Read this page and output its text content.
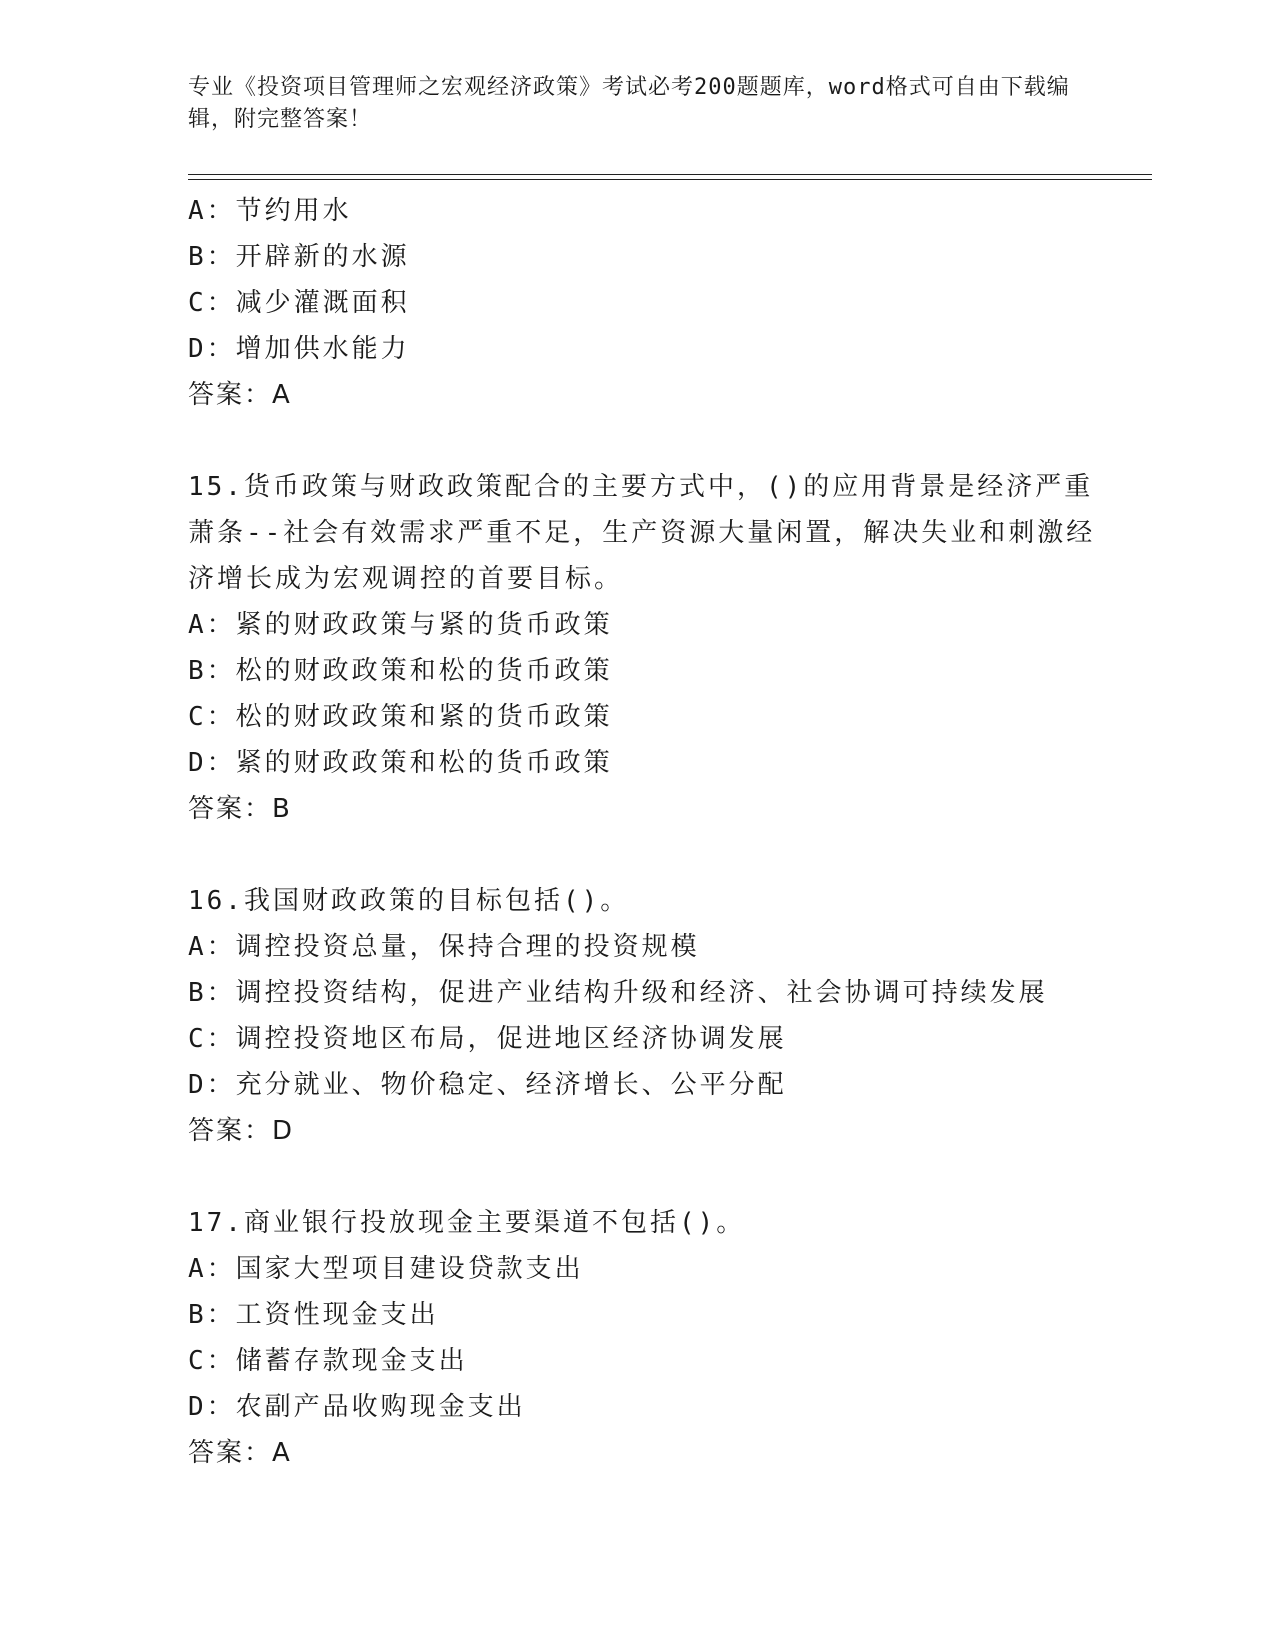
专业《投资项目管理师之宏观经济政策》考试必考200题题库，word格式可自由下载编辑，附完整答案！
A：节约用水
B：开辟新的水源
C：减少灌溉面积
D：增加供水能力
答案：A
15.货币政策与财政政策配合的主要方式中，()的应用背景是经济严重萧条--社会有效需求严重不足，生产资源大量闲置，解决失业和刺激经济增长成为宏观调控的首要目标。
A：紧的财政政策与紧的货币政策
B：松的财政政策和松的货币政策
C：松的财政政策和紧的货币政策
D：紧的财政政策和松的货币政策
答案：B
16.我国财政政策的目标包括()。
A：调控投资总量，保持合理的投资规模
B：调控投资结构，促进产业结构升级和经济、社会协调可持续发展
C：调控投资地区布局，促进地区经济协调发展
D：充分就业、物价稳定、经济增长、公平分配
答案：D
17.商业银行投放现金主要渠道不包括()。
A：国家大型项目建设贷款支出
B：工资性现金支出
C：储蓄存款现金支出
D：农副产品收购现金支出
答案：A
